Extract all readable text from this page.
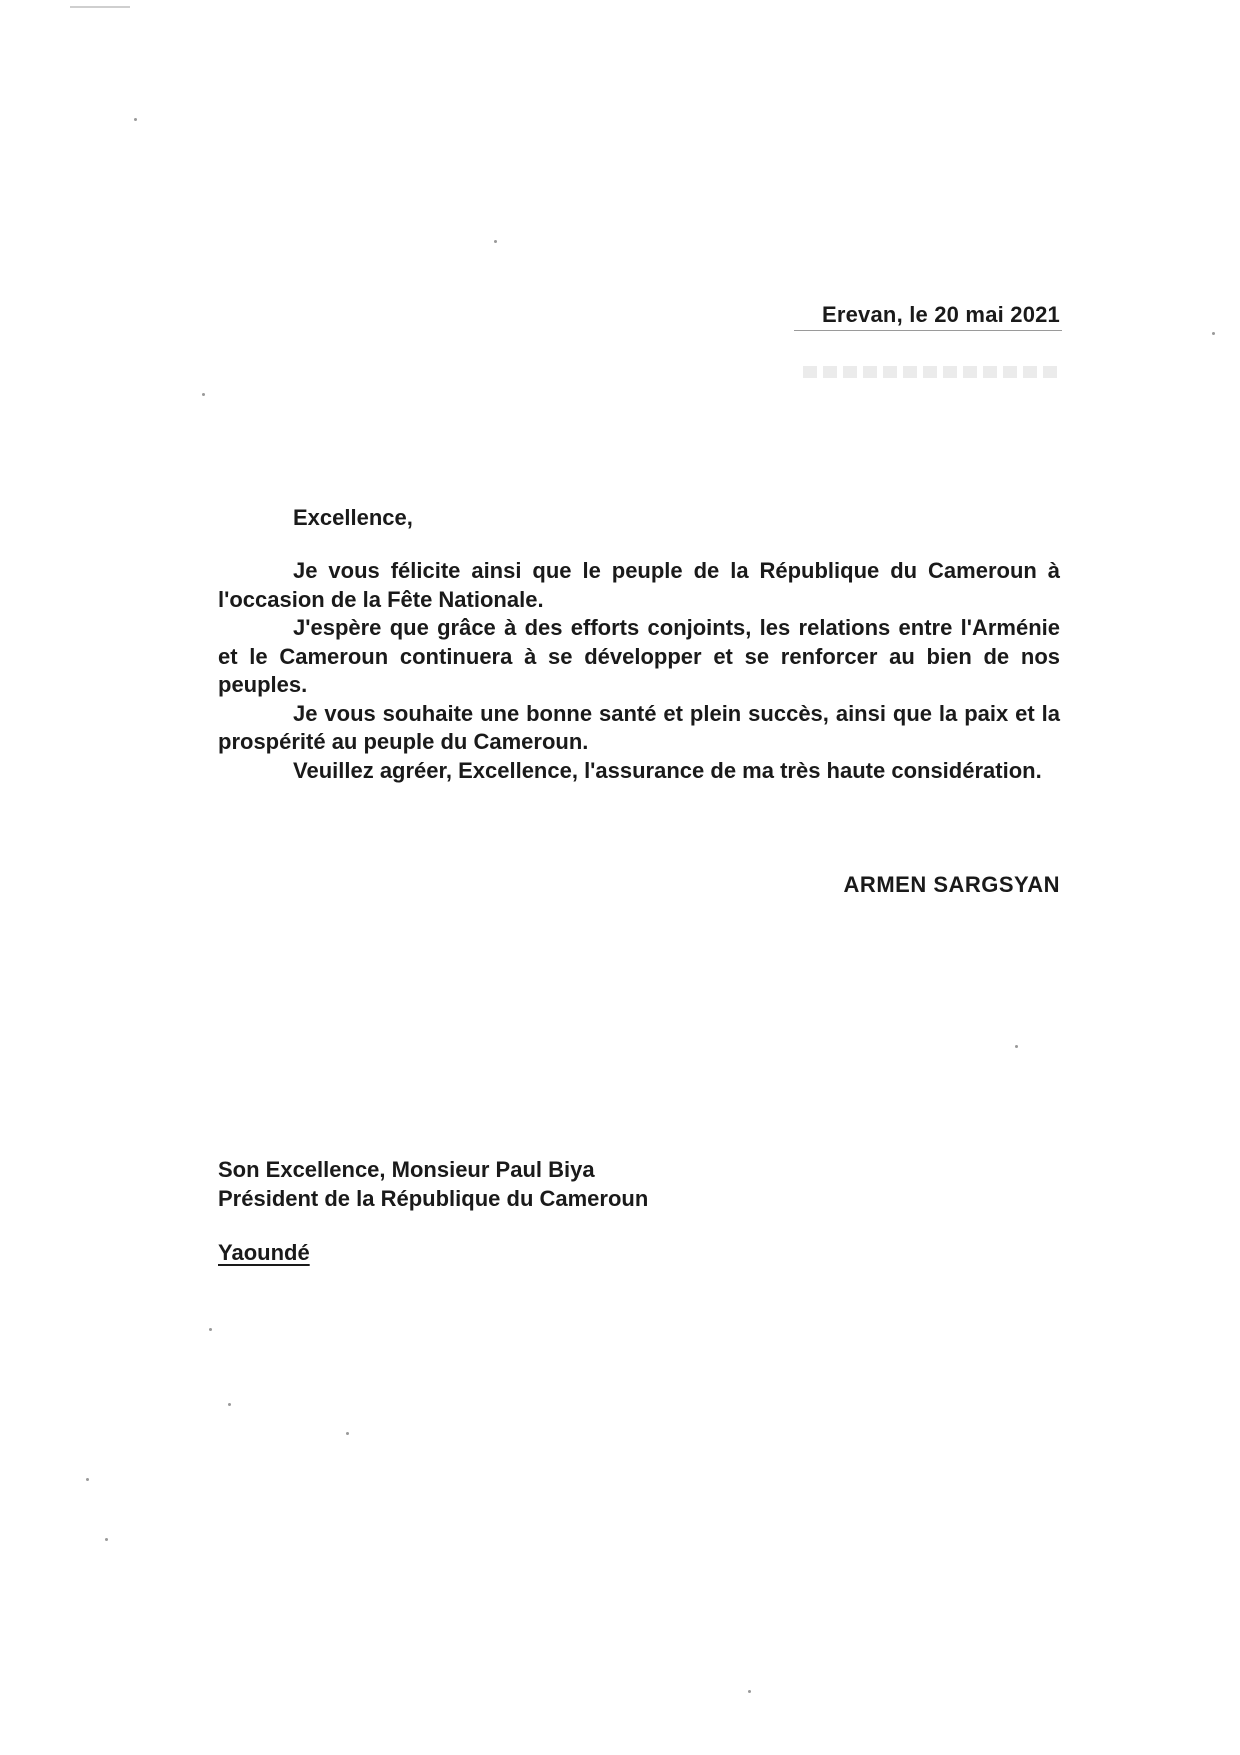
Erevan, le 20 mai 2021
Excellence,

Je vous félicite ainsi que le peuple de la République du Cameroun à l'occasion de la Fête Nationale.

J'espère que grâce à des efforts conjoints, les relations entre l'Arménie et le Cameroun continuera à se développer et se renforcer au bien de nos peuples.

Je vous souhaite une bonne santé et plein succès, ainsi que la paix et la prospérité au peuple du Cameroun.

Veuillez agréer, Excellence, l'assurance de ma très haute considération.

ARMEN SARGSYAN
Son Excellence, Monsieur Paul Biya
Président de la République du Cameroun
Yaoundé
